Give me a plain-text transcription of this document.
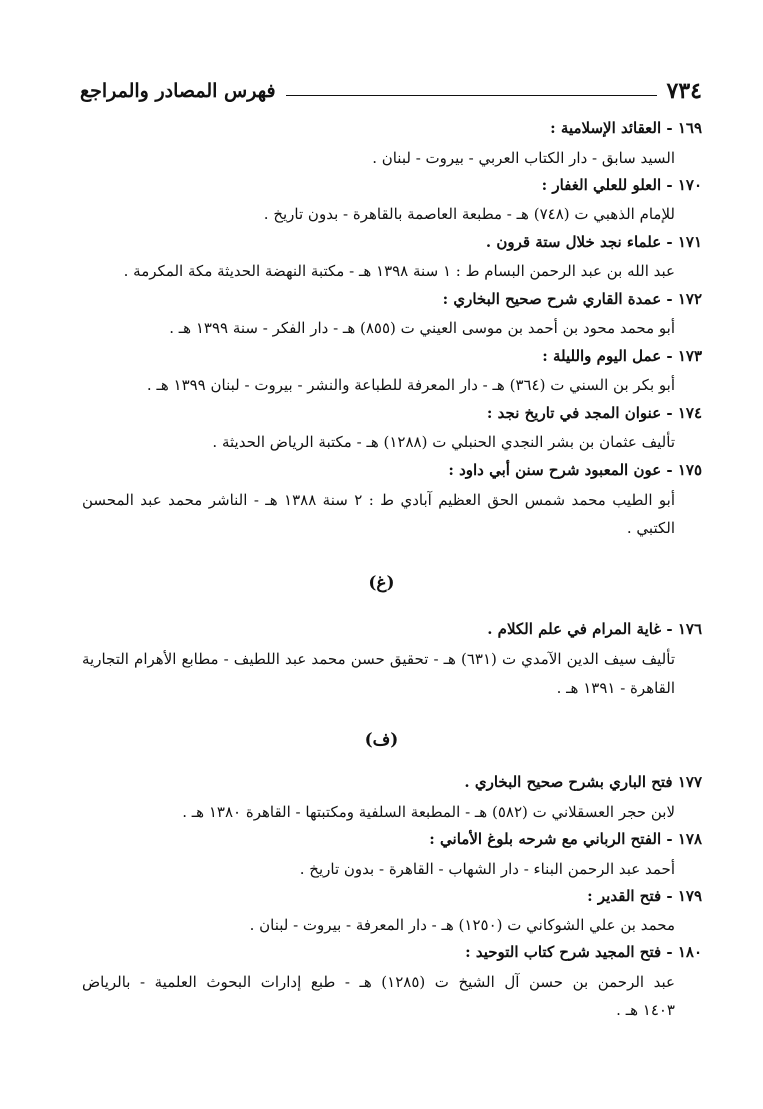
٧٣٤
فهرس المصادر والمراجع
١٦٩ - العقائد الإسلامية :
السيد سابق - دار الكتاب العربي - بيروت - لبنان .
١٧٠ - العلو للعلي الغفار :
للإمام الذهبي ت (٧٤٨) هـ - مطبعة العاصمة بالقاهرة - بدون تاريخ .
١٧١ - علماء نجد خلال ستة قرون .
عبد الله بن عبد الرحمن البسام ط : ١ سنة ١٣٩٨ هـ - مكتبة النهضة الحديثة مكة المكرمة .
١٧٢ - عمدة القاري شرح صحيح البخاري :
أبو محمد محود بن أحمد بن موسى العيني ت (٨٥٥) هـ - دار الفكر - سنة ١٣٩٩ هـ .
١٧٣ - عمل اليوم والليلة :
أبو بكر بن السني ت (٣٦٤) هـ - دار المعرفة للطباعة والنشر - بيروت - لبنان ١٣٩٩ هـ .
١٧٤ - عنوان المجد في تاريخ نجد :
تأليف عثمان بن بشر النجدي الحنبلي ت (١٢٨٨) هـ - مكتبة الرياض الحديثة .
١٧٥ - عون المعبود شرح سنن أبي داود :
أبو الطيب محمد شمس الحق العظيم آبادي ط : ٢ سنة ١٣٨٨ هـ - الناشر محمد عبد المحسن
الكتبي .
(غ)
١٧٦ - غاية المرام في علم الكلام .
تأليف سيف الدين الآمدي ت (٦٣١) هـ - تحقيق حسن محمد عبد اللطيف - مطابع الأهرام التجارية
القاهرة - ١٣٩١ هـ .
(ف)
١٧٧ فتح الباري بشرح صحيح البخاري .
لابن حجر العسقلاني ت (٥٨٢) هـ - المطبعة السلفية ومكتبتها - القاهرة ١٣٨٠ هـ .
١٧٨ - الفتح الرباني مع شرحه بلوغ الأماني :
أحمد عبد الرحمن البناء - دار الشهاب - القاهرة - بدون تاريخ .
١٧٩ - فتح القدير :
محمد بن علي الشوكاني ت (١٢٥٠) هـ - دار المعرفة - بيروت - لبنان .
١٨٠ - فتح المجيد شرح كتاب التوحيد :
عبد الرحمن بن حسن آل الشيخ ت (١٢٨٥) هـ - طبع إدارات البحوث العلمية - بالرياض
١٤٠٣ هـ .
